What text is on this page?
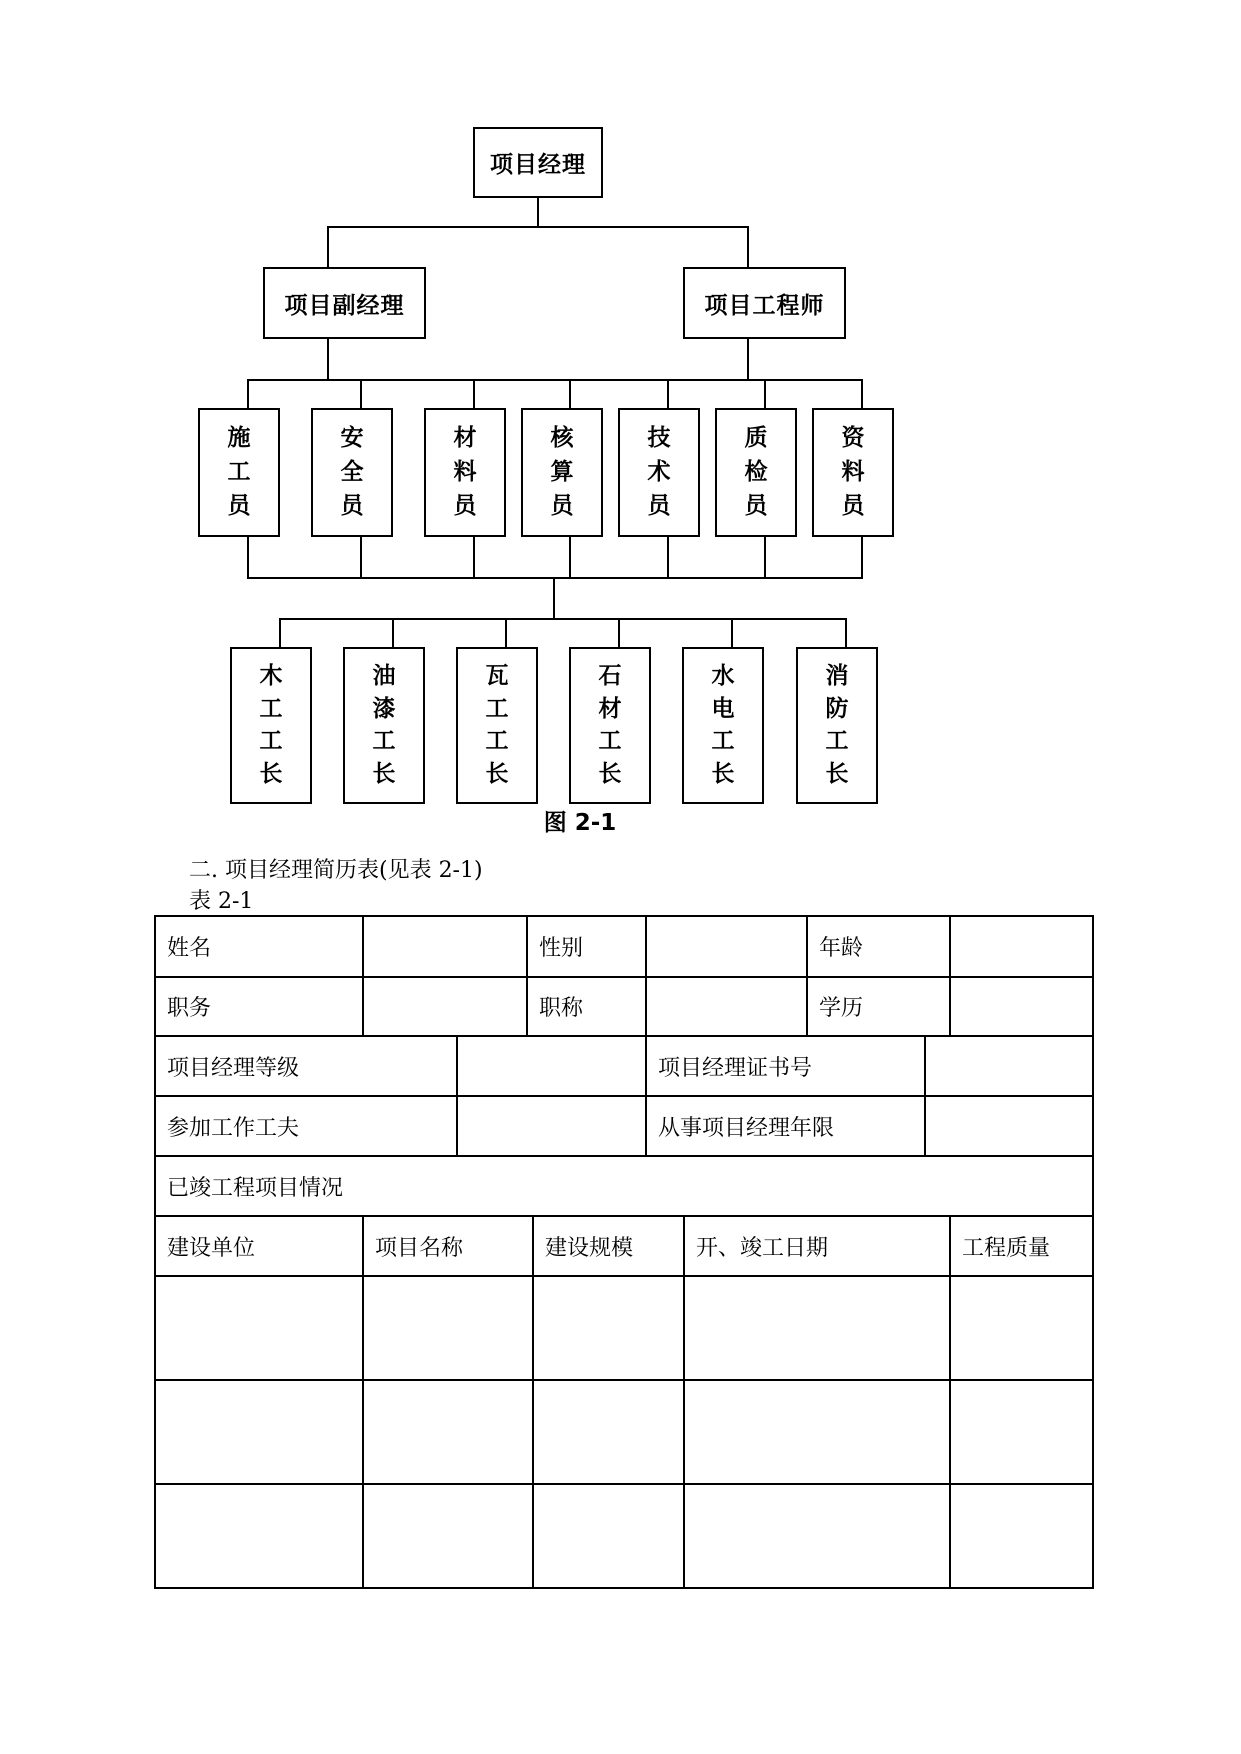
项目经理
项目副经理	项目工程师
施
工
员
安
全
员
材
料
员
核
算
员
技
术
员
质
检
员
资
料
员
木
工
工
长
油
漆
工
长
瓦
工
工
长
石
材
工
长
水
电
工
长
消
防
工
长
图 2-1
二. 项目经理简历表(见表 2-1)
表 2-1
姓名	性别	年龄
职务	职称	学历
项目经理等级	项目经理证书号
参加工作工夫	从事项目经理年限
已竣工程项目情况
建设单位	项目名称	建设规模	开、竣工日期	工程质量
